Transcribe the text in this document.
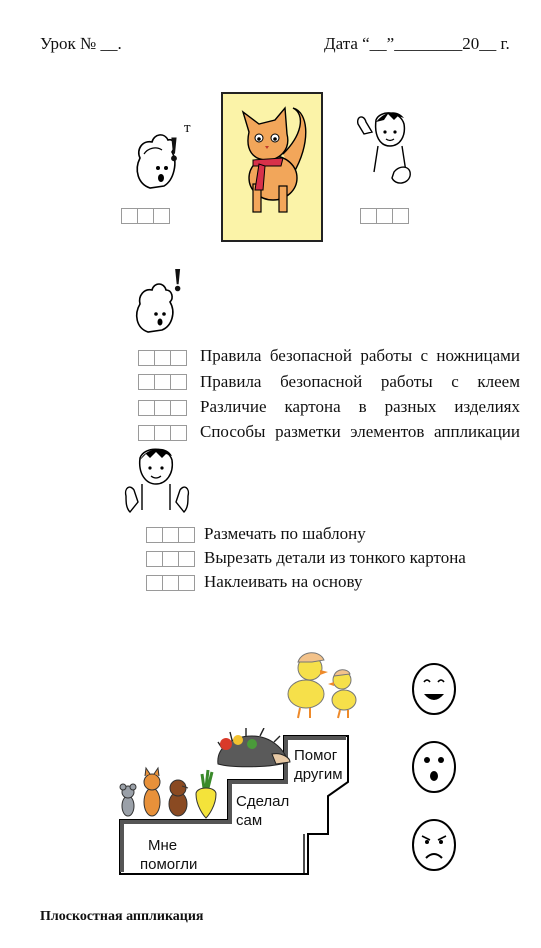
Урок № __.	Дата “__”________20__ г.
!
т
!
Правила безопасной работы с ножницами
Правила безопасной работы с клеем
Различие картона в разных изделиях
Способы разметки элементов аппликации
Размечать по шаблону
Вырезать детали из тонкого картона
Наклеивать на основу
Мне
помогли
Сделал
сам
Помог
другим
Плоскостная аппликация
